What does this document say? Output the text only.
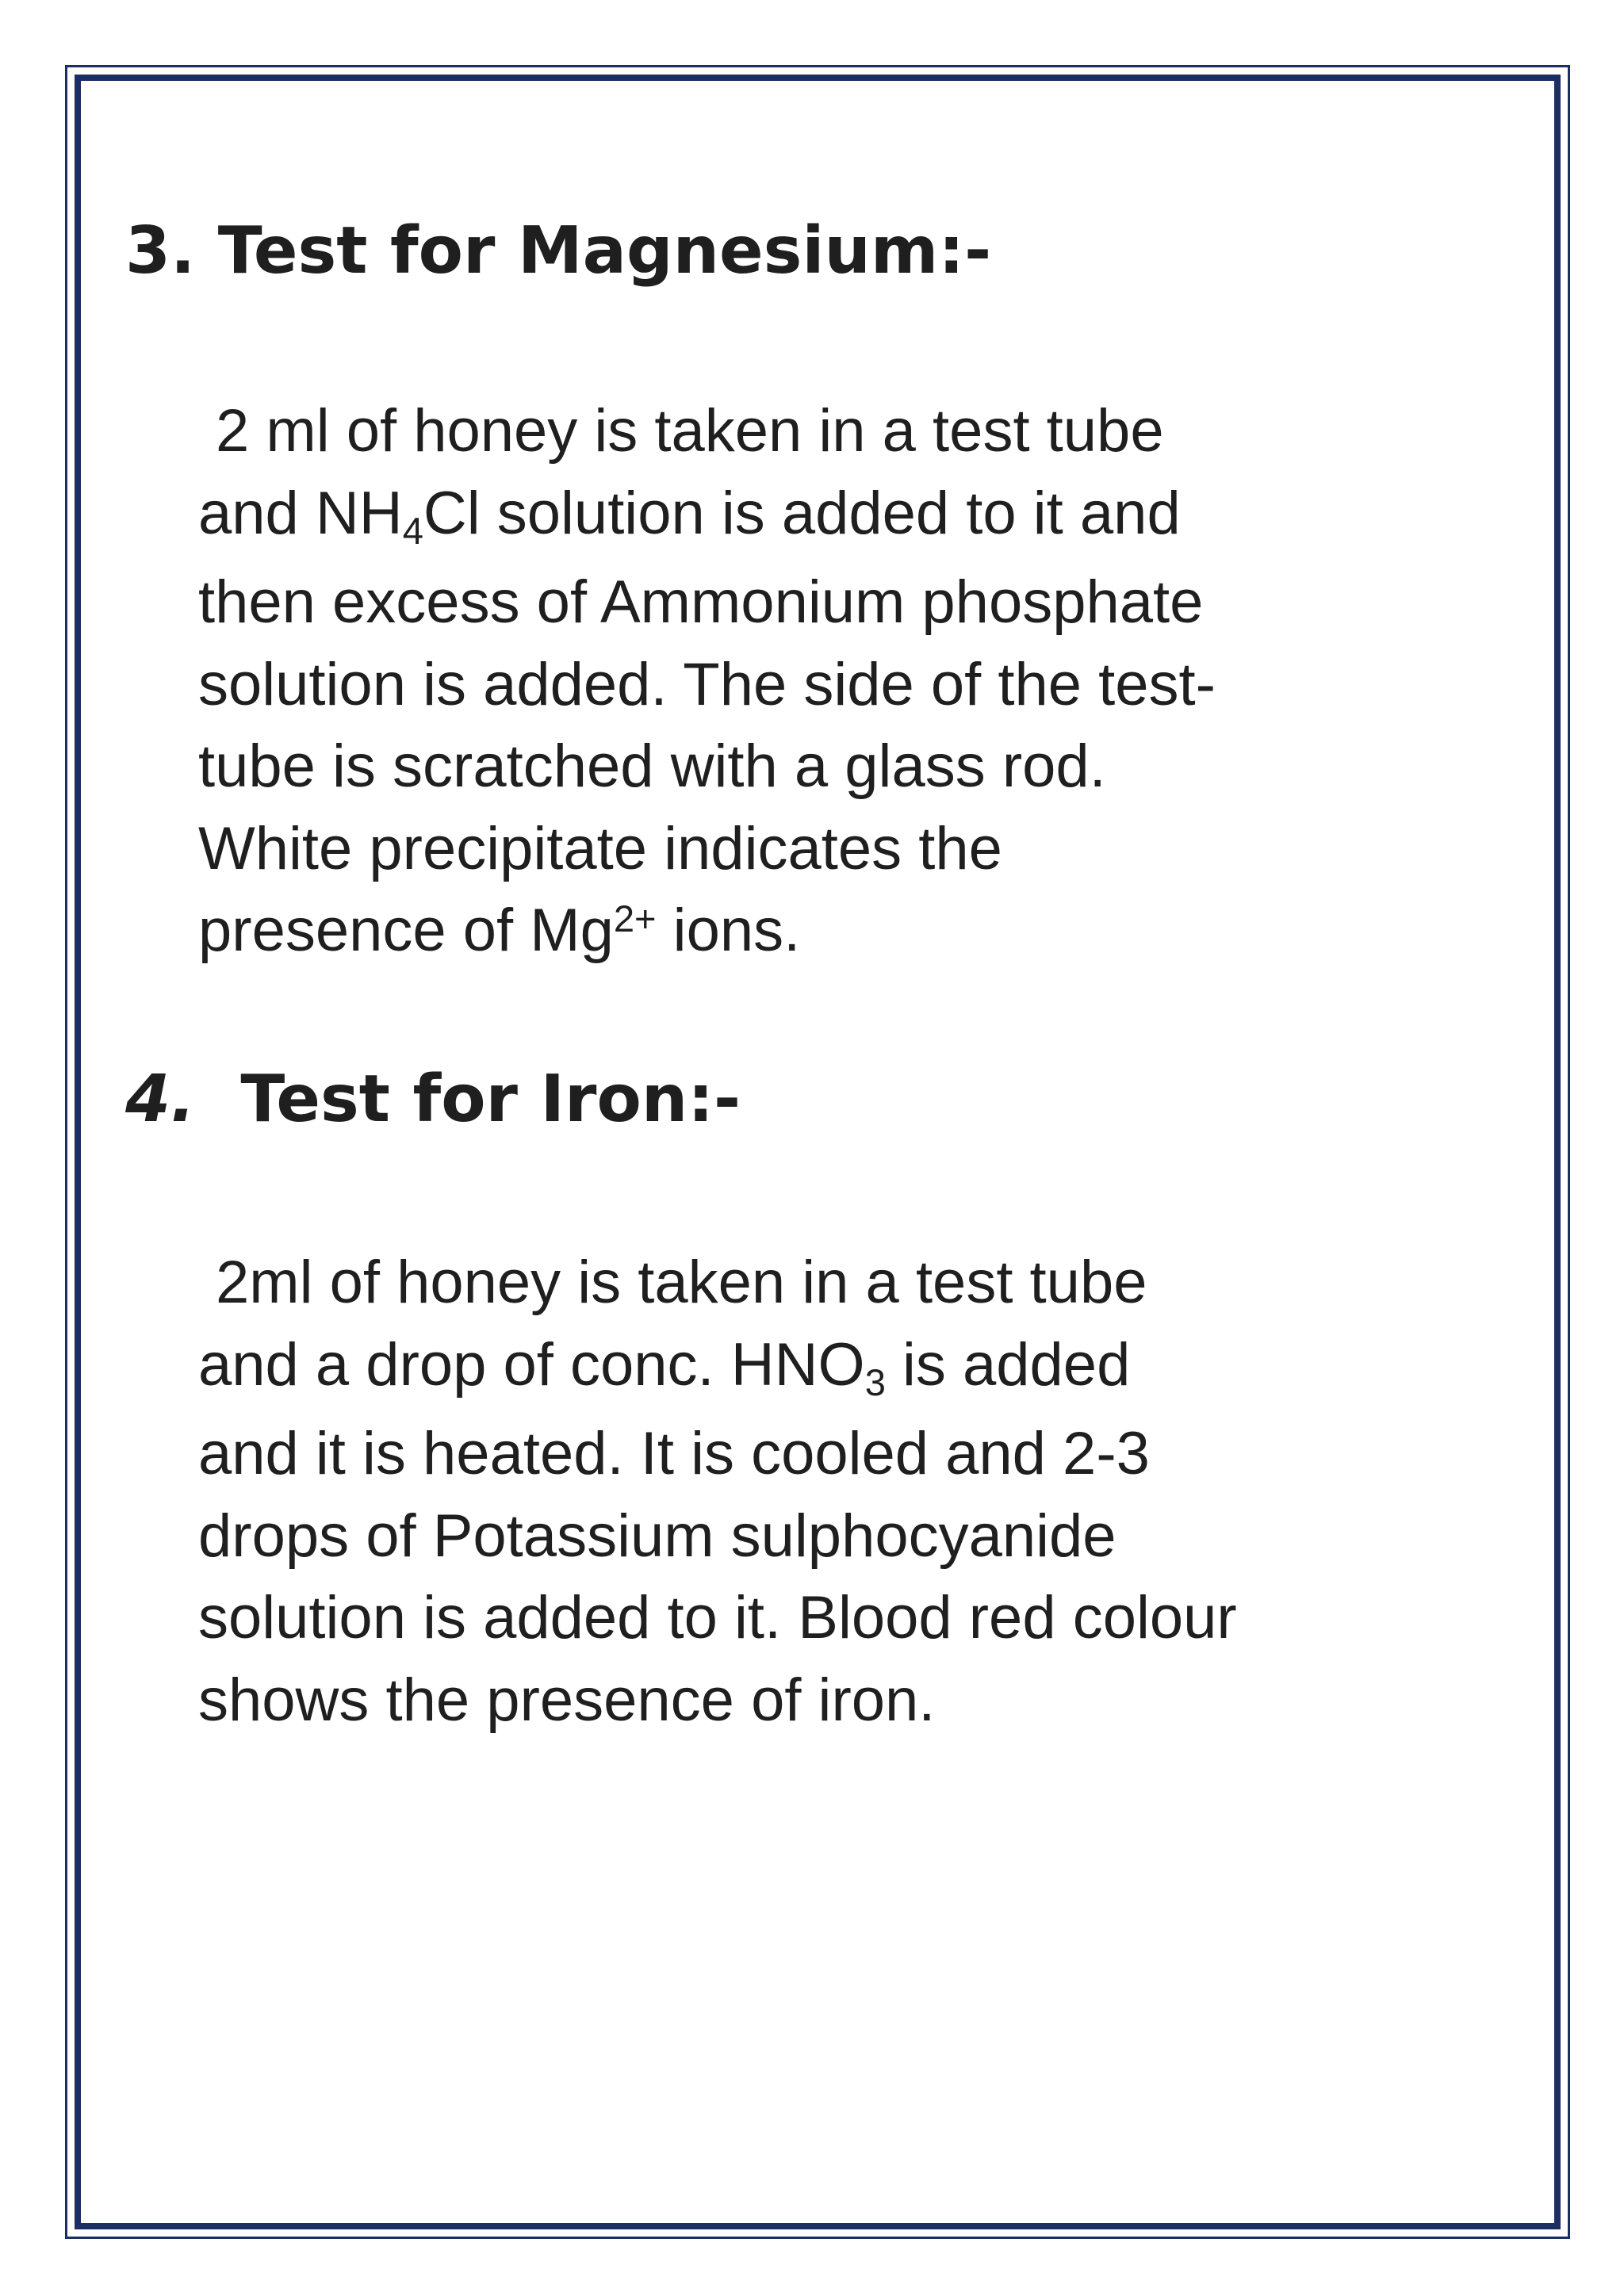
3. Test for Magnesium:-

2 ml of honey is taken in a test tube
and NH4Cl solution is added to it and
then excess of Ammonium phosphate
solution is added. The side of the test-
tube is scratched with a glass rod.
White precipitate indicates the
presence of $Mg^{2+}$ ions.

4. Test for Iron:-

2ml of honey is taken in a test tube
and a drop of conc. HNO3 is added
and it is heated. It is cooled and 2-3
drops of Potassium sulphocyanide
solution is added to it. Blood red colour
shows the presence of iron.
